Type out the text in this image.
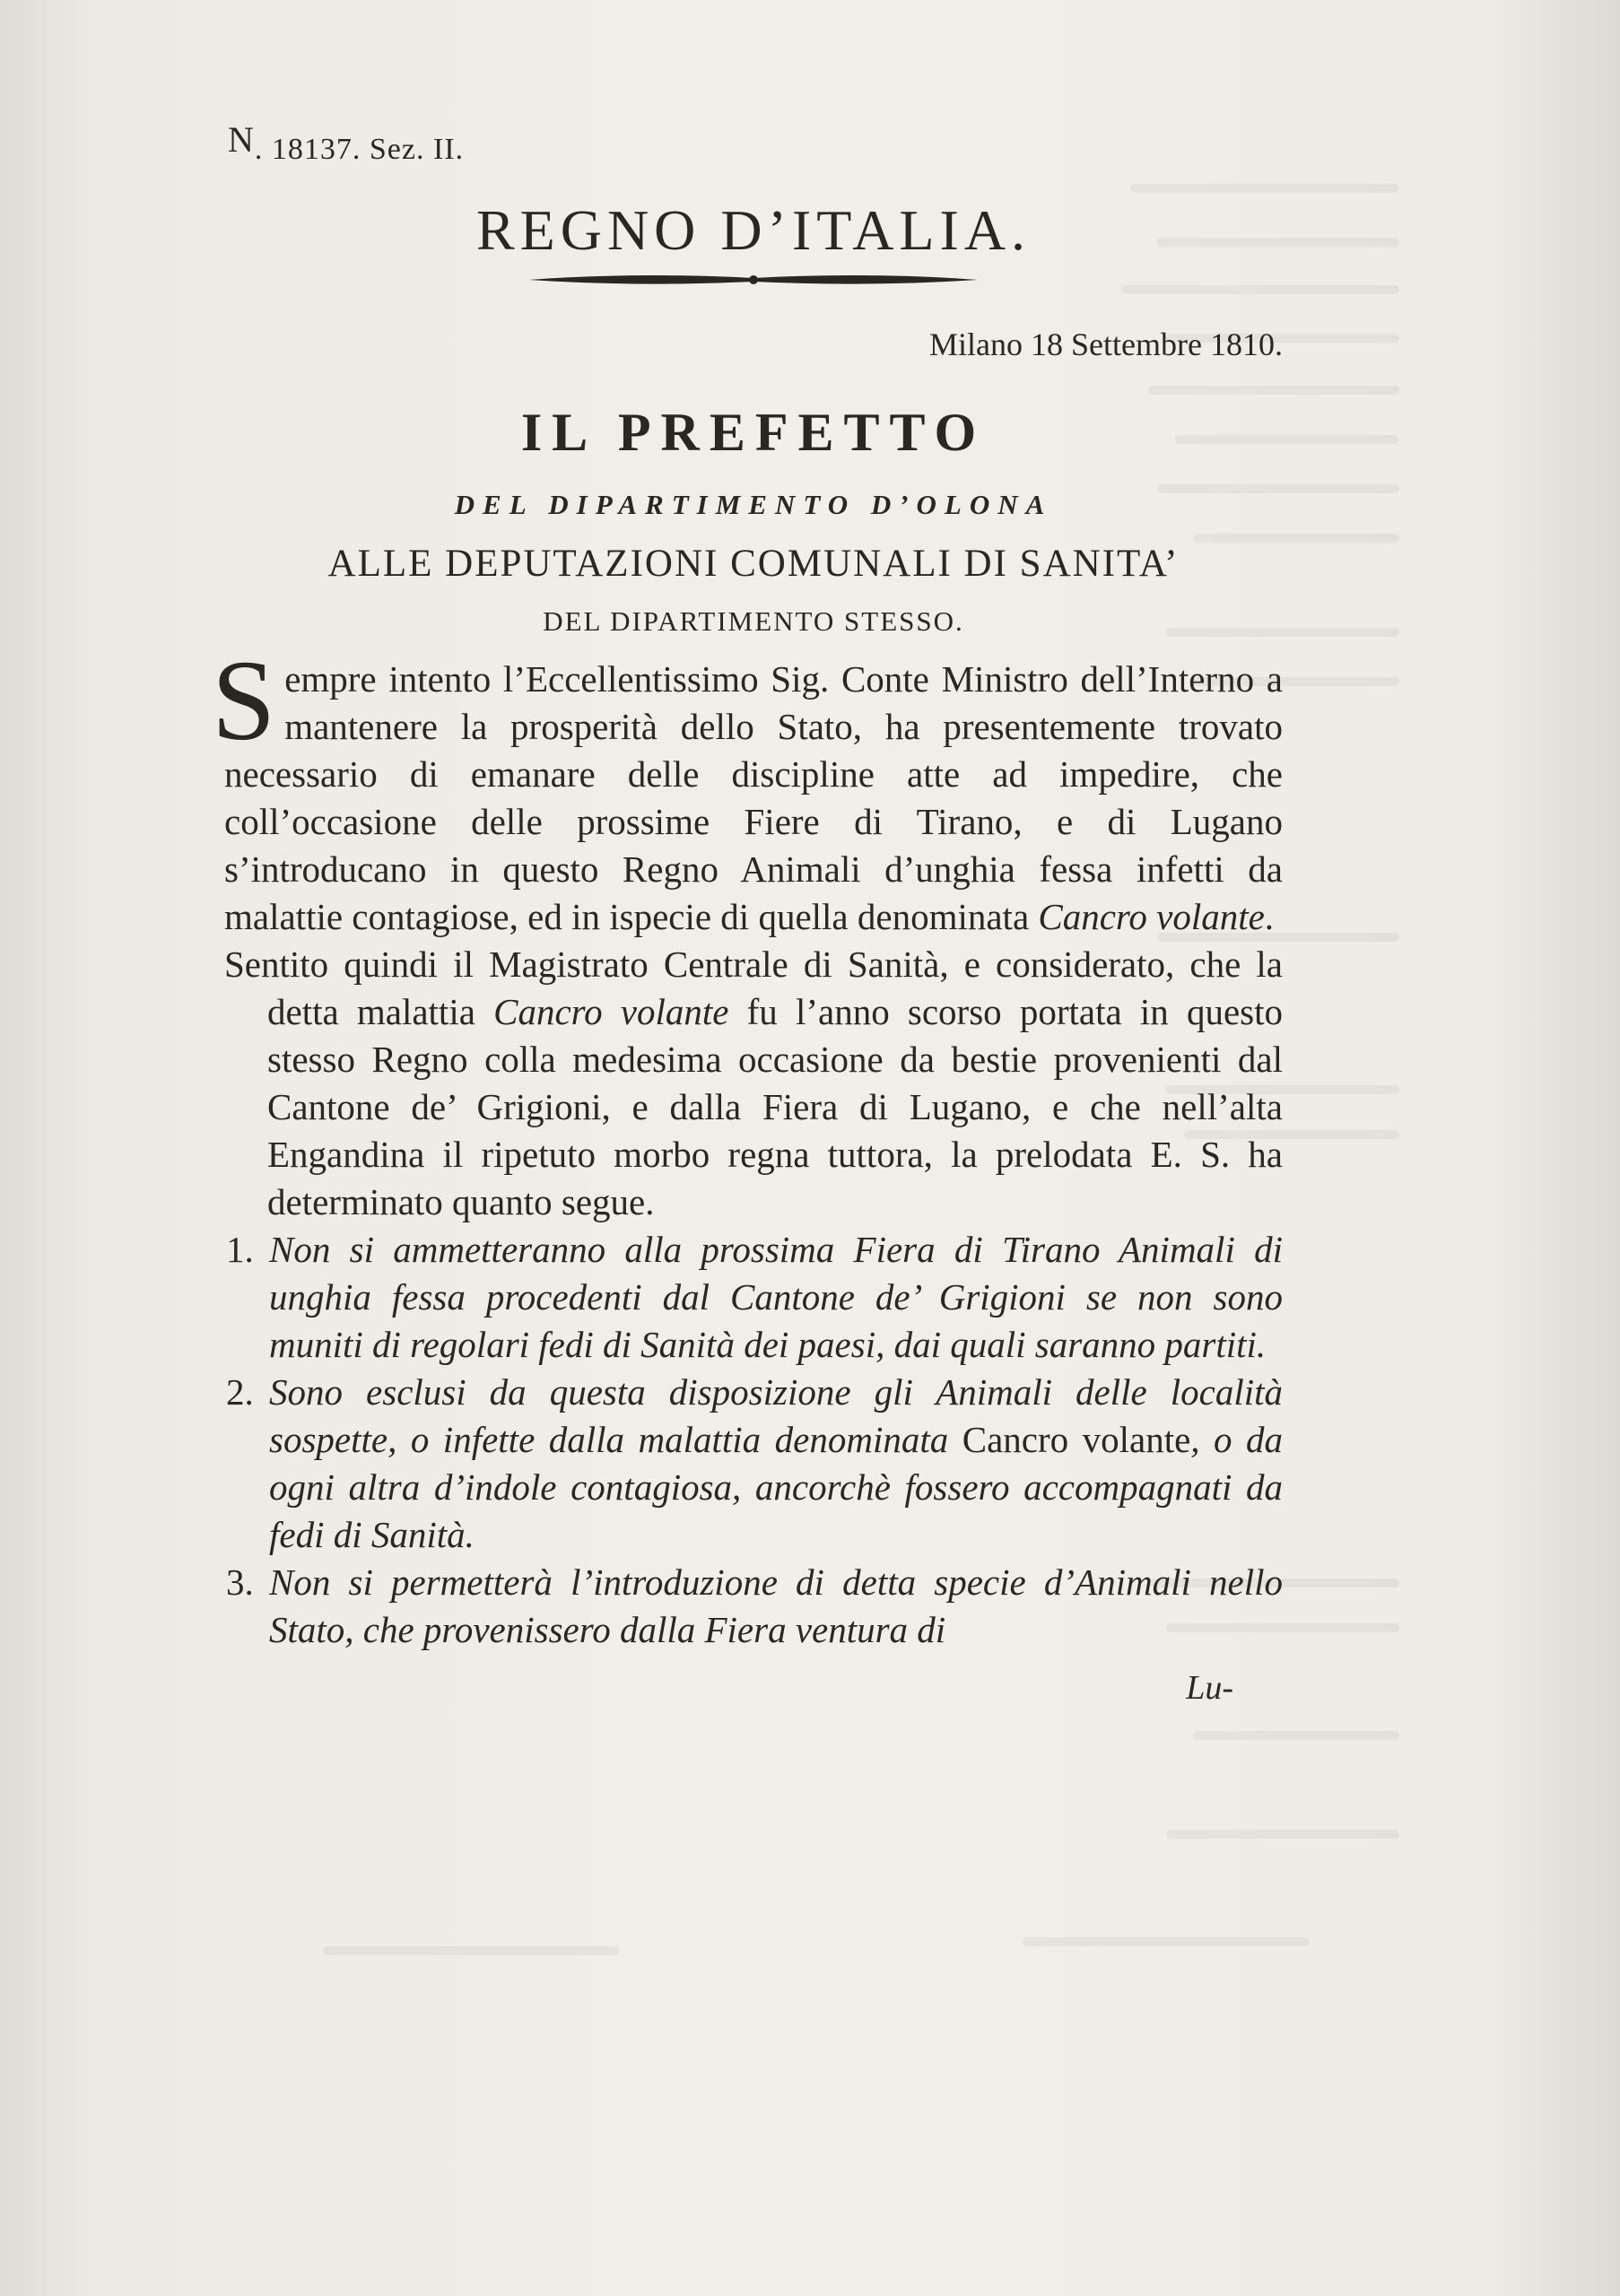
N. 18137. Sez. II.
REGNO D’ITALIA.
Milano 18 Settembre 1810.
IL PREFETTO
DEL DIPARTIMENTO D’OLONA
ALLE DEPUTAZIONI COMUNALI DI SANITA’
DEL DIPARTIMENTO STESSO.
Sempre intento l’Eccellentissimo Sig. Conte Ministro dell’Interno a mantenere la prosperità dello Stato, ha presentemente trovato necessario di emanare delle discipline atte ad impedire, che coll’occasione delle prossime Fiere di Tirano, e di Lugano s’introducano in questo Regno Animali d’unghia fessa infetti da malattie contagiose, ed in ispecie di quella denominata Cancro volante.
Sentito quindi il Magistrato Centrale di Sanità, e considerato, che la detta malattia Cancro volante fu l’anno scorso portata in questo stesso Regno colla medesima occasione da bestie provenienti dal Cantone de’ Grigioni, e dalla Fiera di Lugano, e che nell’alta Engandina il ripetuto morbo regna tuttora, la prelodata E. S. ha determinato quanto segue.
1. Non si ammetteranno alla prossima Fiera di Tirano Animali di unghia fessa procedenti dal Cantone de’ Grigioni se non sono muniti di regolari fedi di Sanità dei paesi, dai quali saranno partiti.
2. Sono esclusi da questa disposizione gli Animali delle località sospette, o infette dalla malattia denominata Cancro volante, o da ogni altra d’indole contagiosa, ancorchè fossero accompagnati da fedi di Sanità.
3. Non si permetterà l’introduzione di detta specie d’Animali nello Stato, che provenissero dalla Fiera ventura di
Lu-
